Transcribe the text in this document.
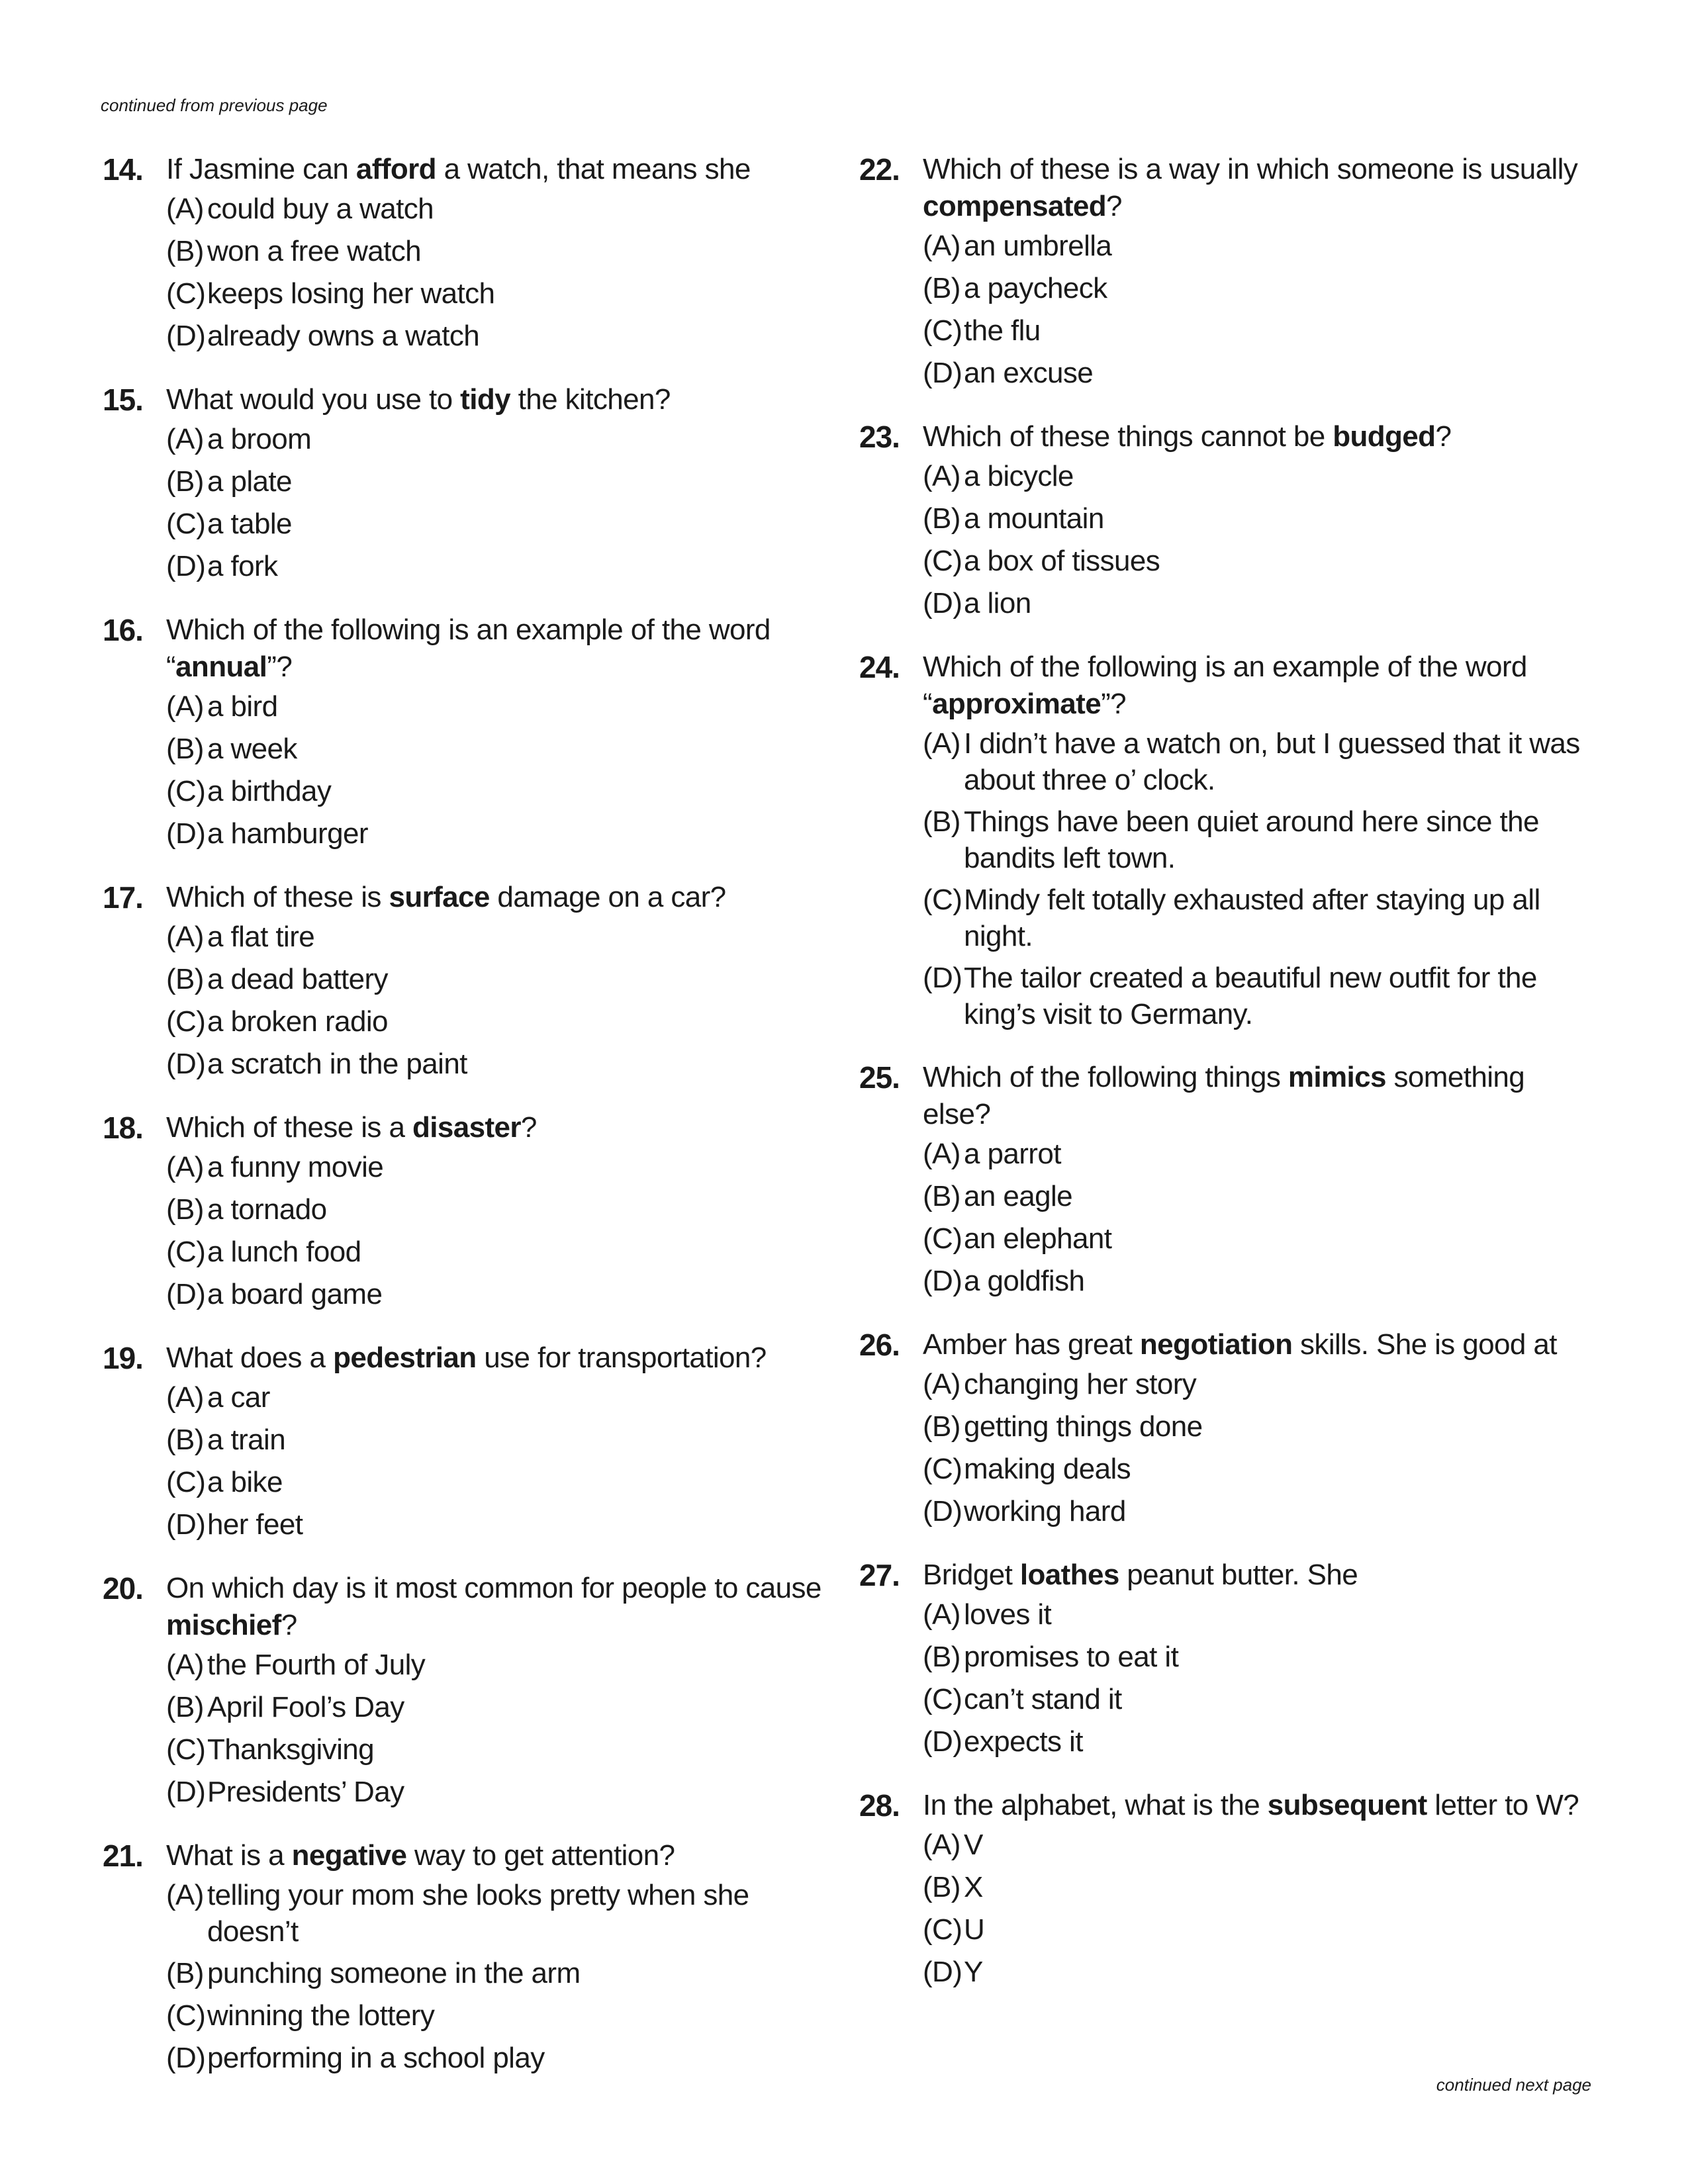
continued from previous page
14. If Jasmine can afford a watch, that means she
(A) could buy a watch
(B) won a free watch
(C)keeps losing her watch
(D)already owns a watch
15. What would you use to tidy the kitchen?
(A) a broom
(B) a plate
(C)a table
(D)a fork
16. Which of the following is an example of the word “annual”?
(A) a bird
(B) a week
(C)a birthday
(D)a hamburger
17. Which of these is surface damage on a car?
(A) a flat tire
(B) a dead battery
(C)a broken radio
(D)a scratch in the paint
18. Which of these is a disaster?
(A) a funny movie
(B) a tornado
(C)a lunch food
(D)a board game
19. What does a pedestrian use for transportation?
(A) a car
(B) a train
(C)a bike
(D)her feet
20. On which day is it most common for people to cause mischief?
(A) the Fourth of July
(B) April Fool’s Day
(C)Thanksgiving
(D)Presidents’ Day
21. What is a negative way to get attention?
(A) telling your mom she looks pretty when she doesn’t
(B) punching someone in the arm
(C)winning the lottery
(D)performing in a school play
22. Which of these is a way in which someone is usually compensated?
(A) an umbrella
(B) a paycheck
(C)the flu
(D)an excuse
23. Which of these things cannot be budged?
(A) a bicycle
(B) a mountain
(C)a box of tissues
(D)a lion
24. Which of the following is an example of the word “approximate”?
(A) I didn’t have a watch on, but I guessed that it was about three o’ clock.
(B) Things have been quiet around here since the bandits left town.
(C)Mindy felt totally exhausted after staying up all night.
(D)The tailor created a beautiful new outfit for the king’s visit to Germany.
25. Which of the following things mimics something else?
(A) a parrot
(B) an eagle
(C)an elephant
(D)a goldfish
26. Amber has great negotiation skills. She is good at
(A) changing her story
(B) getting things done
(C)making deals
(D)working hard
27. Bridget loathes peanut butter. She
(A) loves it
(B) promises to eat it
(C)can’t stand it
(D)expects it
28. In the alphabet, what is the subsequent letter to W?
(A) V
(B) X
(C)U
(D)Y
continued next page
